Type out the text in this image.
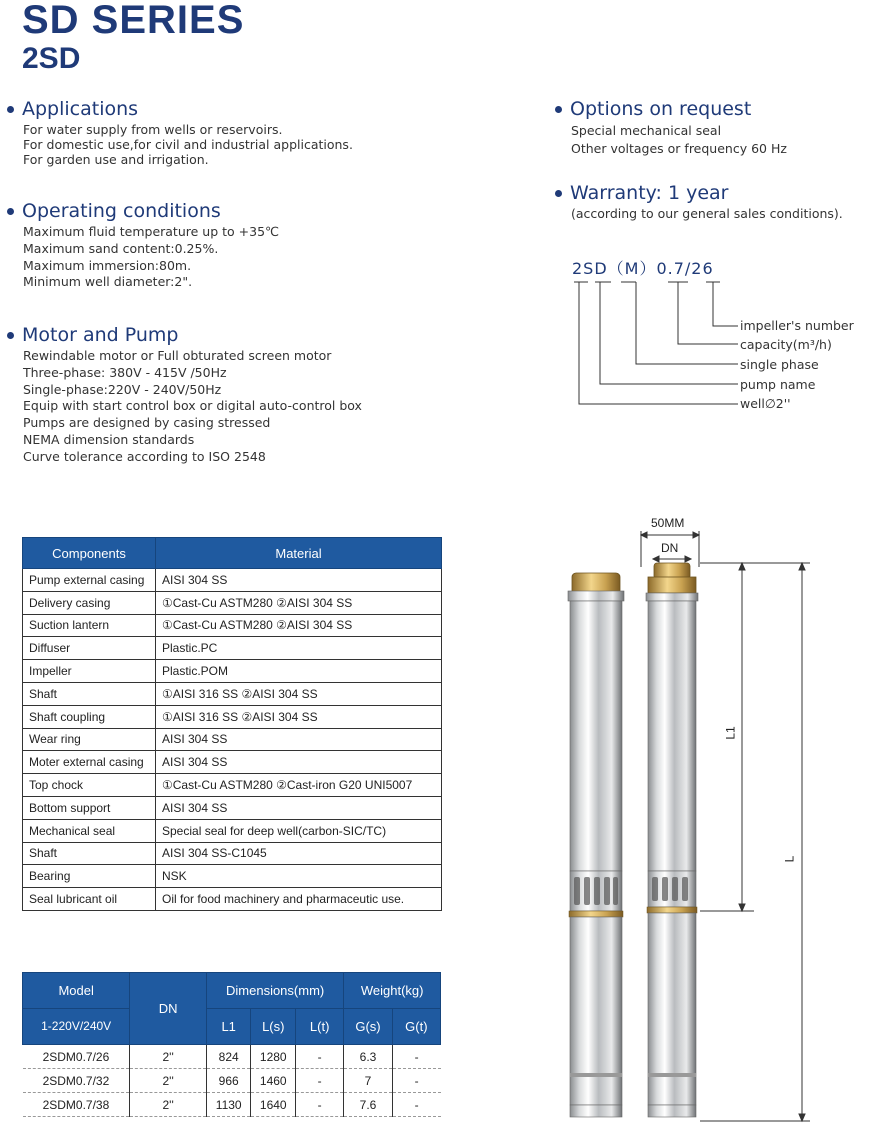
SD SERIES
2SD
Applications
For water supply from wells or reservoirs.
For domestic use,for civil and industrial applications.
For garden use and irrigation.
Operating conditions
Maximum fluid temperature up to +35℃
Maximum sand content:0.25%.
Maximum immersion:80m.
Minimum well diameter:2".
Motor and Pump
Rewindable motor or Full obturated screen motor
Three-phase: 380V - 415V /50Hz
Single-phase:220V - 240V/50Hz
Equip with start control box or digital auto-control box
Pumps are designed by casing stressed
NEMA dimension standards
Curve tolerance according to ISO 2548
Options on request
Special mechanical seal
Other voltages or frequency 60 Hz
Warranty: 1 year
(according to our general sales conditions).
2SD（M）0.7/26
impeller's number
capacity(m³/h)
single phase
pump name
well∅2''
Components	Material
Pump external casing	AISI 304 SS
Delivery casing	①Cast-Cu ASTM280 ②AISI 304 SS
Suction lantern	①Cast-Cu ASTM280 ②AISI 304 SS
Diffuser	Plastic.PC
Impeller	Plastic.POM
Shaft	①AISI 316 SS ②AISI 304 SS
Shaft coupling	①AISI 316 SS ②AISI 304 SS
Wear ring	AISI 304 SS
Moter external casing	AISI 304 SS
Top chock	①Cast-Cu ASTM280 ②Cast-iron G20 UNI5007
Bottom support	AISI 304 SS
Mechanical seal	Special seal for deep well(carbon-SIC/TC)
Shaft	AISI 304 SS-C1045
Bearing	NSK
Seal lubricant oil	Oil for food machinery and pharmaceutic use.
Model	DN	Dimensions(mm)			Weight(kg)	
1-220V/240V		L1	L(s)	L(t)	G(s)	G(t)
2SDM0.7/26	2''	824	1280	-	6.3	-
2SDM0.7/32	2''	966	1460	-	7	-
2SDM0.7/38	2''	1130	1640	-	7.6	-
50MM
DN
L1
L
